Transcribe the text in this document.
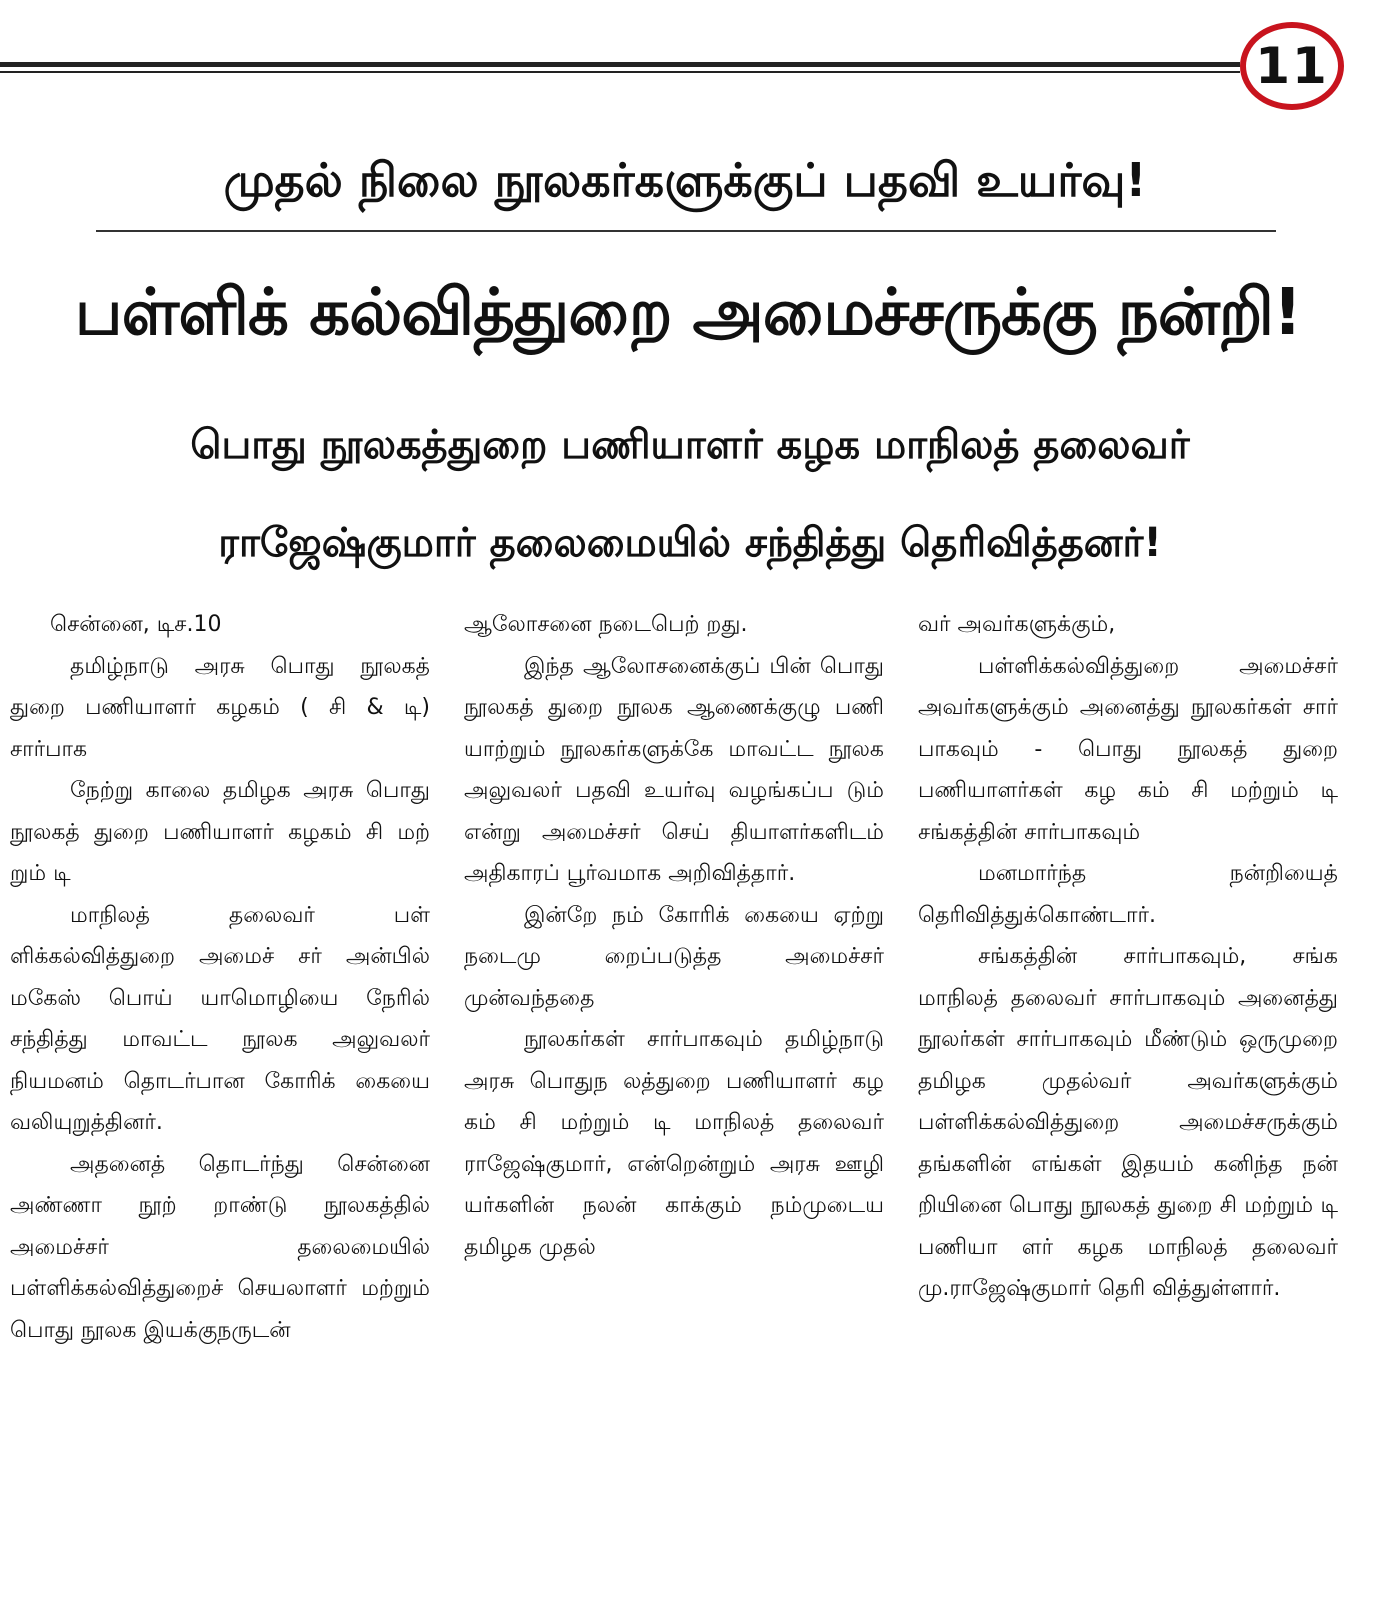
11
முதல் நிலை நூலகர்களுக்குப் பதவி உயர்வு!
பள்ளிக் கல்வித்துறை அமைச்சருக்கு நன்றி!
பொது நூலகத்துறை பணியாளர் கழக மாநிலத் தலைவர்
ராஜேஷ்குமார் தலைமையில் சந்தித்து தெரிவித்தனர்!

சென்னை, டிச.10

தமிழ்நாடு அரசு பொது நூலகத் துறை பணியாளர் கழகம் ( சி & டி) சார்பாக

நேற்று காலை தமிழக அரசு பொது நூலகத் துறை பணியாளர் கழகம் சி மற் றும் டி

மாநிலத் தலைவர் பள் ளிக்கல்வித்துறை அமைச் சர் அன்பில் மகேஸ் பொய் யாமொழியை நேரில் சந்தித்து மாவட்ட நூலக அலுவலர் நியமனம் தொடர்பான கோரிக் கையை வலியுறுத்தினர்.

அதனைத் தொடர்ந்து சென்னை அண்ணா நூற் றாண்டு நூலகத்தில் அமைச்சர் தலைமையில் பள்ளிக்கல்வித்துறைச் செயலாளர் மற்றும் பொது நூலக இயக்குநருடன்

ஆலோசனை நடைபெற் றது.

இந்த ஆலோசனைக்குப் பின் பொது நூலகத் துறை நூலக ஆணைக்குழு பணி யாற்றும் நூலகர்களுக்கே மாவட்ட நூலக அலுவலர் பதவி உயர்வு வழங்கப்ப டும் என்று அமைச்சர் செய் தியாளர்களிடம் அதிகாரப் பூர்வமாக அறிவித்தார்.

இன்றே நம் கோரிக் கையை ஏற்று நடைமு றைப்படுத்த அமைச்சர் முன்வந்ததை

நூலகர்கள் சார்பாகவும் தமிழ்நாடு அரசு பொதுந லத்துறை பணியாளர் கழ கம் சி மற்றும் டி மாநிலத் தலைவர் ராஜேஷ்குமார், என்றென்றும் அரசு ஊழி யர்களின் நலன் காக்கும் நம்முடைய தமிழக முதல்

வர் அவர்களுக்கும்,

பள்ளிக்கல்வித்துறை அமைச்சர் அவர்களுக்கும் அனைத்து நூலகர்கள் சார் பாகவும் - பொது நூலகத் துறை பணியாளர்கள் கழ கம் சி மற்றும் டி சங்கத்தின் சார்பாகவும்

மனமார்ந்த நன்றியைத் தெரிவித்துக்கொண்டார்.

சங்கத்தின் சார்பாகவும், சங்க மாநிலத் தலைவர் சார்பாகவும் அனைத்து நூலர்கள் சார்பாகவும் மீண்டும் ஒருமுறை தமிழக முதல்வர் அவர்களுக்கும் பள்ளிக்கல்வித்துறை அமைச்சருக்கும் தங்களின் எங்கள் இதயம் கனிந்த நன் றியினை பொது நூலகத் துறை சி மற்றும் டி பணியா ளர் கழக மாநிலத் தலைவர் மு.ராஜேஷ்குமார் தெரி வித்துள்ளார்.
